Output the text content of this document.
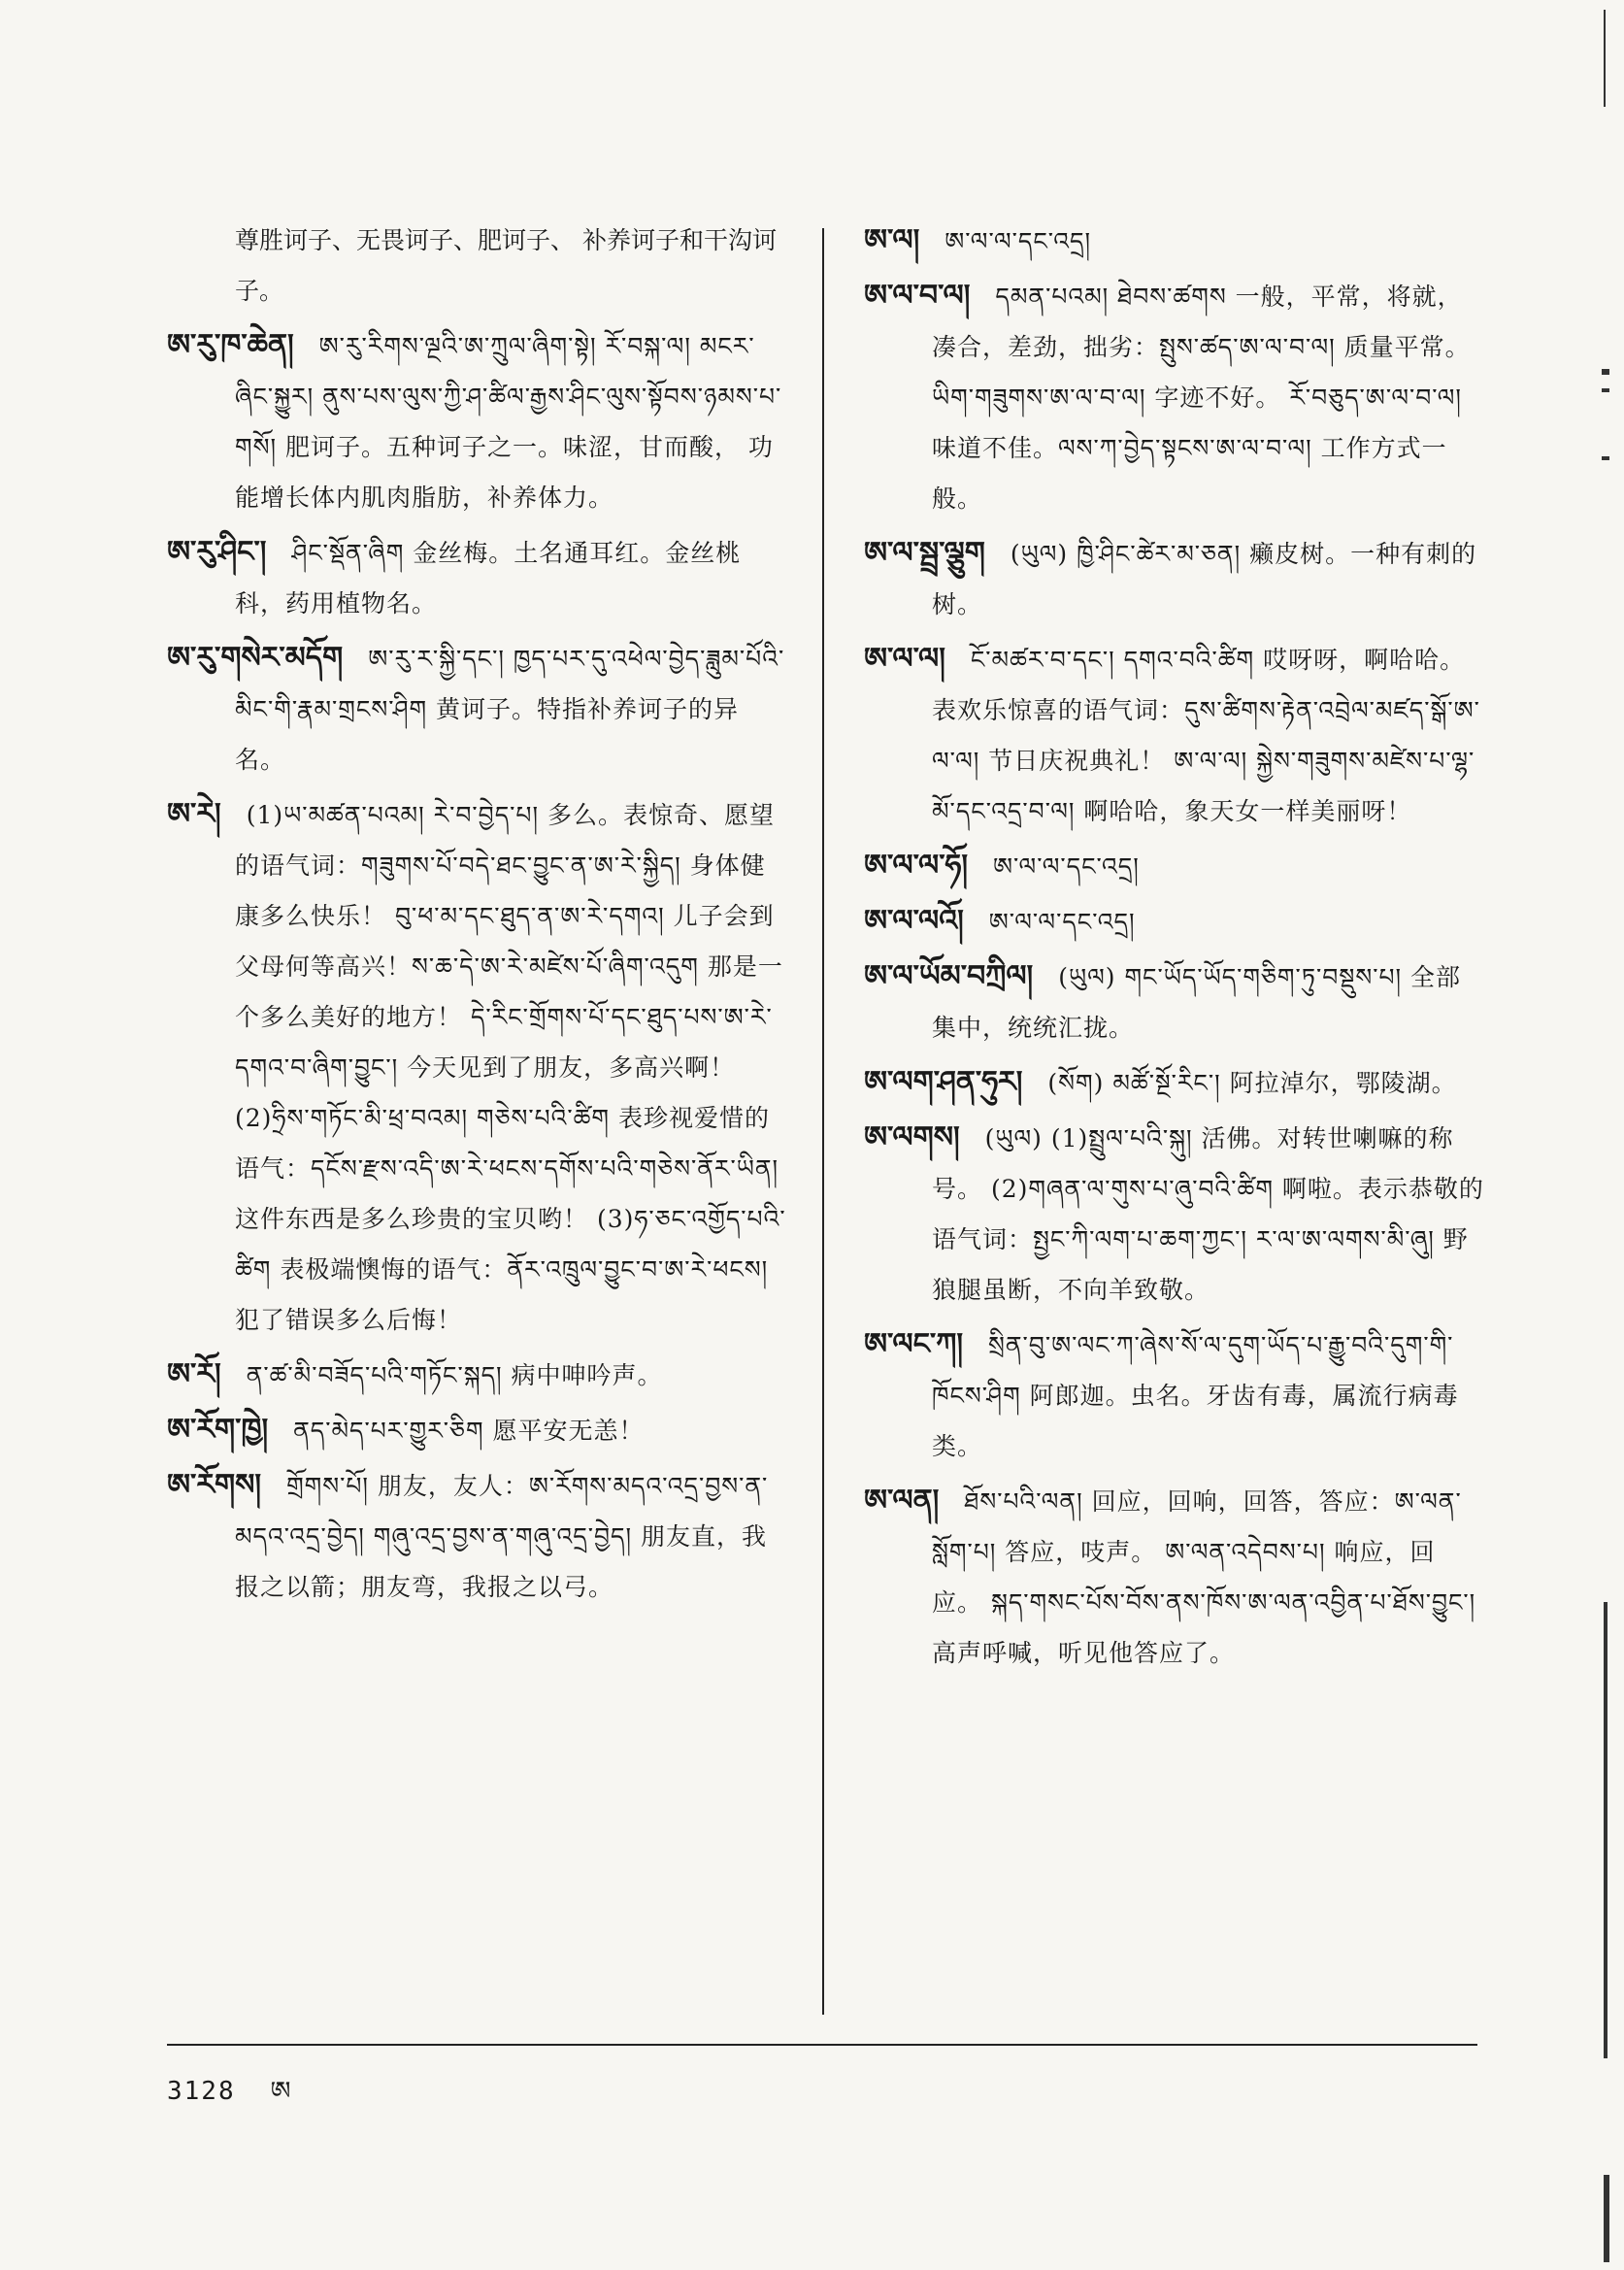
尊胜诃子、无畏诃子、肥诃子、 补养诃子和干沟诃子。

ཨ་རུ་ཁ་ཆེན། ཨ་རུ་རིགས་ལྔའི་ཨ་ཀྲུལ་ཞིག་སྟེ། རོ་བསྐ་ལ། མངར་ཞིང་སྐྱུར། ནུས་པས་ལུས་ཀྱི་ཤ་ཚིལ་རྒྱས་ཤིང་ལུས་སྟོབས་ཉམས་པ་གསོ། 肥诃子。五种诃子之一。味涩，甘而酸， 功能增长体内肌肉脂肪，补养体力。

ཨ་རུ་ཤིང་། ཤིང་སྡོན་ཞིག 金丝梅。土名通耳红。金丝桃科，药用植物名。

ཨ་རུ་གསེར་མདོག ཨ་རུ་ར་སྐྱི་དང་། ཁྱད་པར་དུ་འཕེལ་བྱེད་ཟླུམ་པོའི་མིང་གི་རྣམ་གྲངས་ཤིག 黄诃子。特指补养诃子的异名。

ཨ་རེ། (1)ཡ་མཚན་པའམ། རེ་བ་བྱེད་པ། 多么。表惊奇、愿望的语气词：གཟུགས་པོ་བདེ་ཐང་བྱུང་ན་ཨ་རེ་སྐྱིད། 身体健康多么快乐！ བུ་ཕ་མ་དང་ཐུད་ན་ཨ་རེ་དགའ། 儿子会到父母何等高兴！ས་ཆ་དེ་ཨ་རེ་མཛེས་པོ་ཞིག་འདུག 那是一个多么美好的地方！ དེ་རིང་གྲོགས་པོ་དང་ཐུད་པས་ཨ་རེ་དགའ་བ་ཞིག་བྱུང་། 今天见到了朋友，多高兴啊！ (2)ཧྲིས་གཏོང་མི་ཕྲ་བའམ། གཅེས་པའི་ཚིག 表珍视爱惜的语气：དངོས་རྫས་འདི་ཨ་རེ་ཕངས་དགོས་པའི་གཅེས་ནོར་ཡིན། 这件东西是多么珍贵的宝贝哟！ (3)ཧ་ཅང་འགྱོད་པའི་ཚིག 表极端懊悔的语气：ནོར་འཁྲུལ་བྱུང་བ་ཨ་རེ་ཕངས། 犯了错误多么后悔！

ཨ་རོ། ན་ཚ་མི་བཟོད་པའི་གཏོང་སྐད། 病中呻吟声。

ཨ་རོག་ཁྱེ། ནད་མེད་པར་གྱུར་ཅིག 愿平安无恙！

ཨ་རོགས། གྲོགས་པོ། 朋友，友人：ཨ་རོགས་མདའ་འདྲ་བྱས་ན་མདའ་འདྲ་བྱེད། གཞུ་འདྲ་བྱས་ན་གཞུ་འདྲ་བྱེད། 朋友直，我报之以箭；朋友弯，我报之以弓。

ཨ་ལ། ཨ་ལ་ལ་དང་འདྲ།

ཨ་ལ་བ་ལ། དམན་པའམ། ཐེབས་ཚགས 一般，平常，将就，凑合，差劲，拙劣：སྤུས་ཚད་ཨ་ལ་བ་ལ། 质量平常。 ཡིག་གཟུགས་ཨ་ལ་བ་ལ། 字迹不好。 རོ་བཅུད་ཨ་ལ་བ་ལ། 味道不佳。ལས་ཀ་བྱེད་སྟངས་ཨ་ལ་བ་ལ། 工作方式一般。

ཨ་ལ་སྦྲ་ལྕུག (ཡུལ) ཁྱི་ཤིང་ཚེར་མ་ཅན། 癞皮树。一种有刺的树。

ཨ་ལ་ལ། ངོ་མཚར་བ་དང་། དགའ་བའི་ཚིག 哎呀呀，啊哈哈。表欢乐惊喜的语气词：དུས་ཚིགས་རྟེན་འབྲེལ་མཛད་སྒོ་ཨ་ལ་ལ། 节日庆祝典礼！ ཨ་ལ་ལ། སྐྱེས་གཟུགས་མཛེས་པ་ལྷ་མོ་དང་འདྲ་བ་ལ། 啊哈哈，象天女一样美丽呀！

ཨ་ལ་ལ་ཧོ། ཨ་ལ་ལ་དང་འདྲ།

ཨ་ལ་ལའོ། ཨ་ལ་ལ་དང་འདྲ།

ཨ་ལ་ཡོམ་བཀྲིལ། (ཡུལ) གང་ཡོད་ཡོད་གཅིག་ཏུ་བསྡུས་པ། 全部集中，统统汇拢。

ཨ་ལག་ཤན་ཧུར། (སོག) མཚོ་སྔོ་རིང་། 阿拉淖尔，鄂陵湖。

ཨ་ལགས། (ཡུལ) (1)སྤྲུལ་པའི་སྐུ། 活佛。对转世喇嘛的称号。 (2)གཞན་ལ་གུས་པ་ཞུ་བའི་ཚིག 啊啦。表示恭敬的语气词：སྤྱང་ཀི་ལག་པ་ཆག་ཀྱང་། ར་ལ་ཨ་ལགས་མི་ཞུ། 野狼腿虽断，不向羊致敬。

ཨ་ལང་ཀ། སྲིན་བུ་ཨ་ལང་ཀ་ཞེས་སོ་ལ་དུག་ཡོད་པ་རྒྱུ་བའི་དུག་གི་ཁོངས་ཤིག 阿郎迦。虫名。牙齿有毒，属流行病毒类。

ཨ་ལན། ཐོས་པའི་ལན། 回应，回响，回答，答应：ཨ་ལན་སློག་པ། 答应，吱声。 ཨ་ལན་འདེབས་པ། 响应，回应。 སྐད་གསང་པོས་བོས་ནས་ཁོས་ཨ་ལན་འབྱིན་པ་ཐོས་བྱུང་། 高声呼喊，听见他答应了。

3128 ཨ
